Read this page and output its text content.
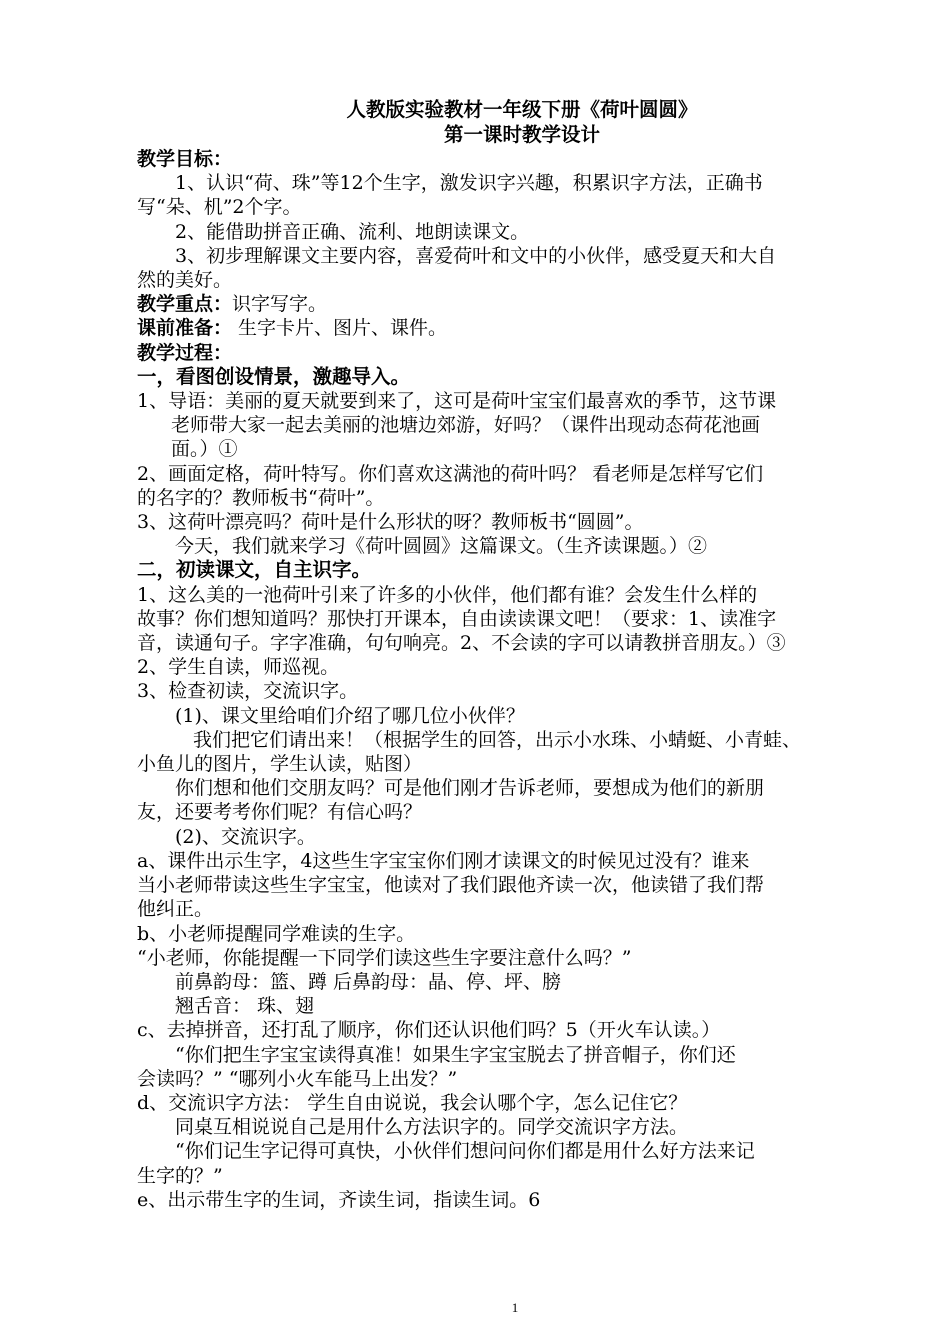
人教版实验教材一年级下册《荷叶圆圆》
第一课时教学设计
教学目标：

1、认识“荷、珠”等12个生字，激发识字兴趣，积累识字方法，正确书

写“朵、机”2个字。

2、能借助拼音正确、流利、地朗读课文。

3、初步理解课文主要内容，喜爱荷叶和文中的小伙伴，感受夏天和大自

然的美好。

教学重点：识字写字。

课前准备： 生字卡片、图片、课件。

教学过程：
一，看图创设情景，激趣导入。

1、导语：美丽的夏天就要到来了，这可是荷叶宝宝们最喜欢的季节，这节课

老师带大家一起去美丽的池塘边郊游，好吗？（课件出现动态荷花池画

面。）①

2、画面定格，荷叶特写。你们喜欢这满池的荷叶吗？ 看老师是怎样写它们

的名字的？教师板书“荷叶”。

3、这荷叶漂亮吗？荷叶是什么形状的呀？教师板书“圆圆”。

今天，我们就来学习《荷叶圆圆》这篇课文。（生齐读课题。）②

二，初读课文，自主识字。

1、这么美的一池荷叶引来了许多的小伙伴，他们都有谁？会发生什么样的

故事？你们想知道吗？那快打开课本，自由读读课文吧！（要求：1、读准字

音，读通句子。字字准确，句句响亮。2、不会读的字可以请教拼音朋友。）③

2、学生自读，师巡视。

3、检查初读，交流识字。

(1)、课文里给咱们介绍了哪几位小伙伴？

我们把它们请出来！（根据学生的回答，出示小水珠、小蜻蜓、小青蛙、

小鱼儿的图片，学生认读，贴图）

你们想和他们交朋友吗？可是他们刚才告诉老师，要想成为他们的新朋

友，还要考考你们呢？有信心吗？

(2)、交流识字。

a、课件出示生字，4这些生字宝宝你们刚才读课文的时候见过没有？谁来

当小老师带读这些生字宝宝，他读对了我们跟他齐读一次，他读错了我们帮

他纠正。

b、小老师提醒同学难读的生字。

“小老师，你能提醒一下同学们读这些生字要注意什么吗？”

前鼻韵母：篮、蹲 后鼻韵母：晶、停、坪、膀

翘舌音： 珠、翅

c、去掉拼音，还打乱了顺序，你们还认识他们吗？5（开火车认读。）

“你们把生字宝宝读得真准！如果生字宝宝脱去了拼音帽子，你们还

会读吗？” “哪列小火车能马上出发？”

d、交流识字方法： 学生自由说说，我会认哪个字，怎么记住它？

同桌互相说说自己是用什么方法识字的。同学交流识字方法。

“你们记生字记得可真快，小伙伴们想问问你们都是用什么好方法来记

生字的？”

e、出示带生字的生词，齐读生词，指读生词。6

1
